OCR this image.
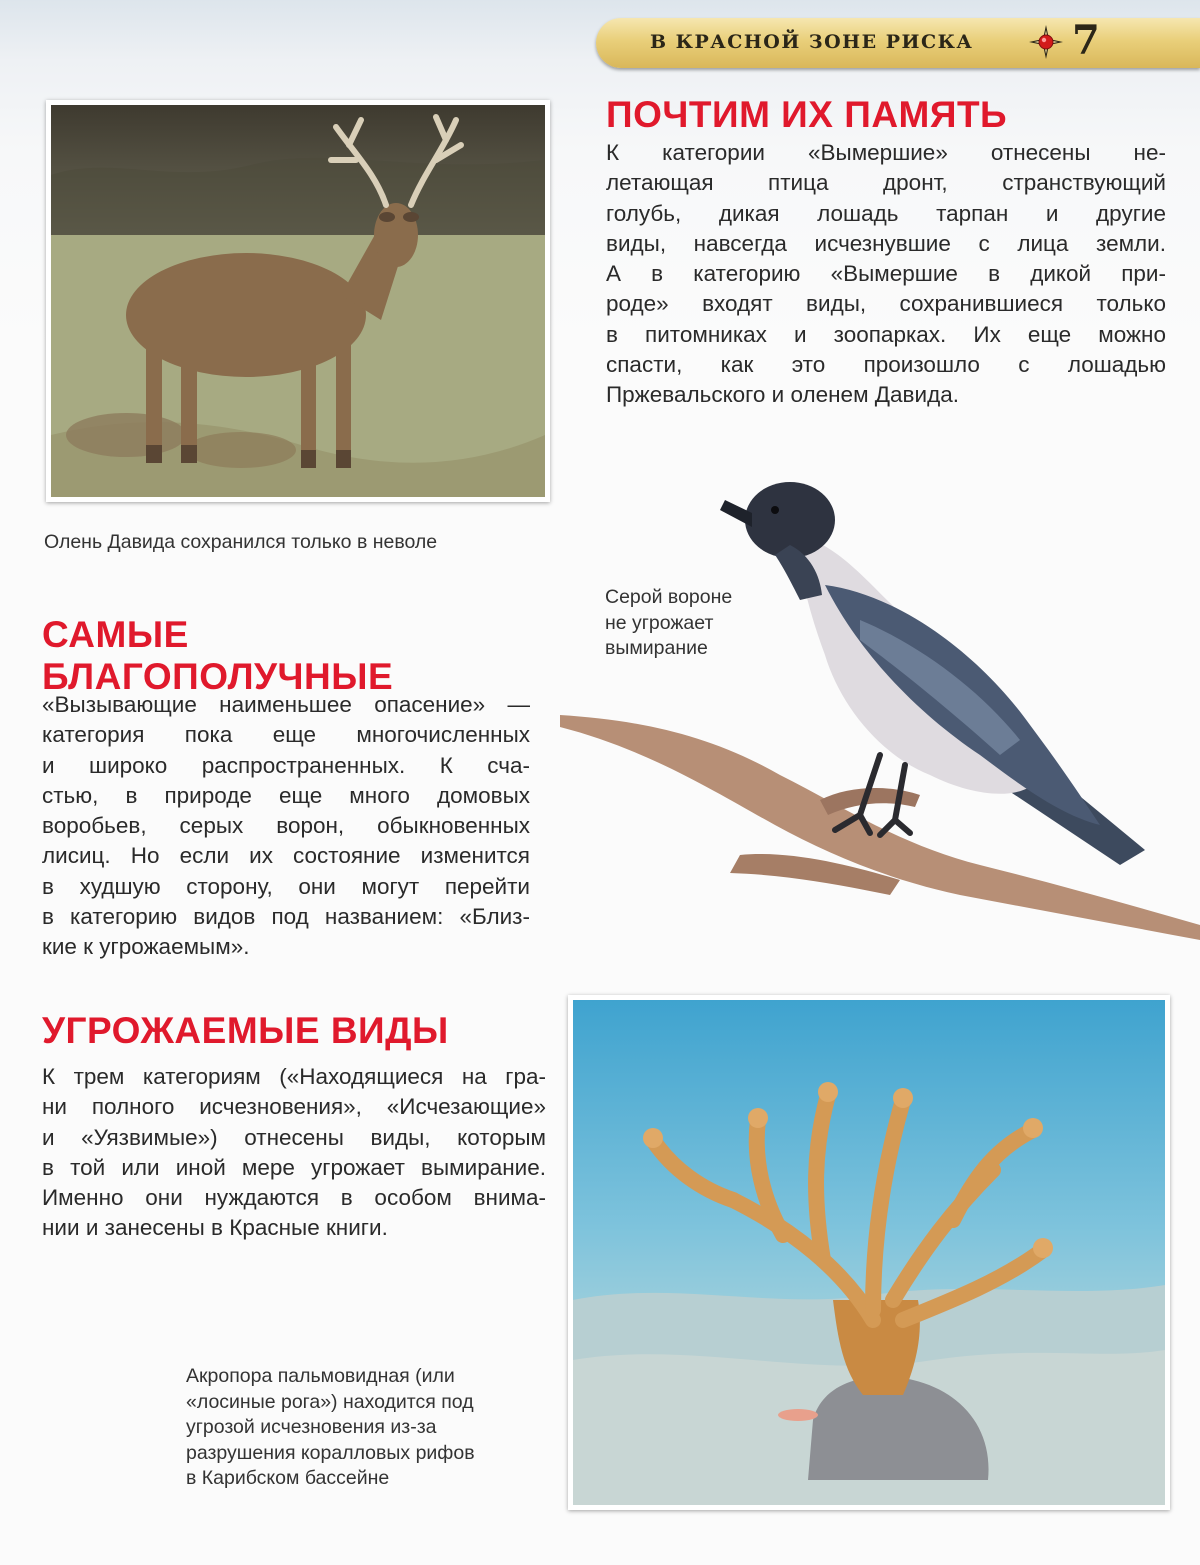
В КРАСНОЙ ЗОНЕ РИСКА 7
Олень Давида сохранился только в неволе
ПОЧТИМ ИХ ПАМЯТЬ
К категории «Вымершие» отнесены не-
летающая птица дронт, странствующий
голубь, дикая лошадь тарпан и другие
виды, навсегда исчезнувшие с лица земли.
А в категорию «Вымершие в дикой при-
роде» входят виды, сохранившиеся только
в питомниках и зоопарках. Их еще можно
спасти, как это произошло с лошадью
Пржевальского и оленем Давида.
Серой вороне
не угрожает
вымирание
САМЫЕ
БЛАГОПОЛУЧНЫЕ
«Вызывающие наименьшее опасение» —
категория пока еще многочисленных
и широко распространенных. К сча-
стью, в природе еще много домовых
воробьев, серых ворон, обыкновенных
лисиц. Но если их состояние изменится
в худшую сторону, они могут перейти
в категорию видов под названием: «Близ-
кие к угрожаемым».
УГРОЖАЕМЫЕ ВИДЫ
К трем категориям («Находящиеся на гра-
ни полного исчезновения», «Исчезающие»
и «Уязвимые») отнесены виды, которым
в той или иной мере угрожает вымирание.
Именно они нуждаются в особом внима-
нии и занесены в Красные книги.
Акропора пальмовидная (или
«лосиные рога») находится под
угрозой исчезновения из-за
разрушения коралловых рифов
в Карибском бассейне
